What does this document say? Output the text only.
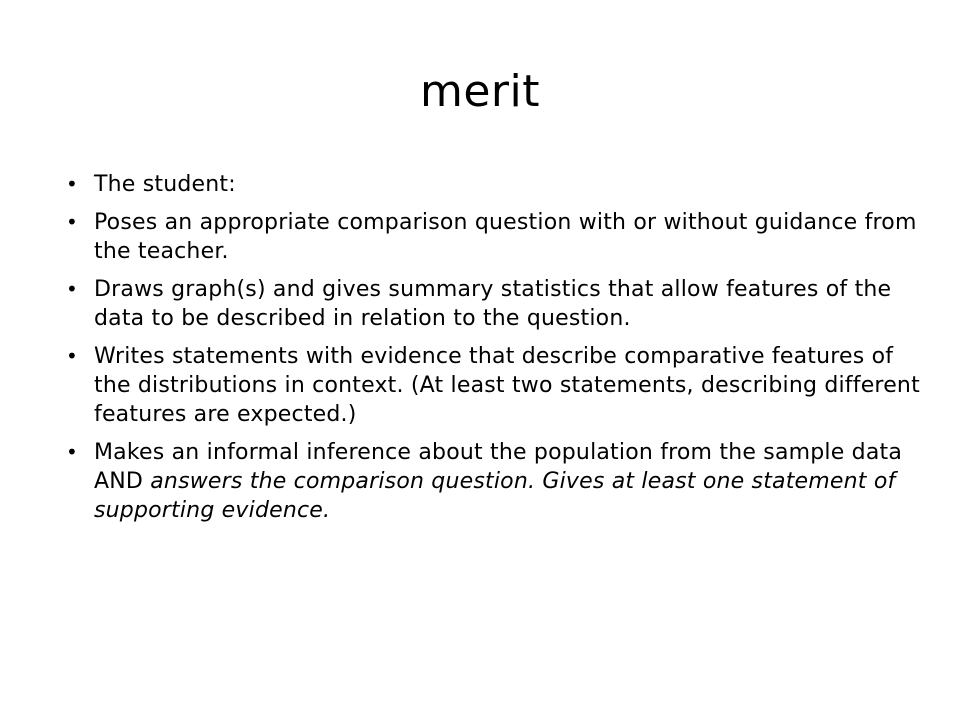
merit
• The student:
• Poses an appropriate comparison question with or without guidance from the teacher.
• Draws graph(s) and gives summary statistics that allow features of the data to be described in relation to the question.
• Writes statements with evidence that describe comparative features of the distributions in context. (At least two statements, describing different features are expected.)
• Makes an informal inference about the population from the sample data AND answers the comparison question. Gives at least one statement of supporting evidence.
